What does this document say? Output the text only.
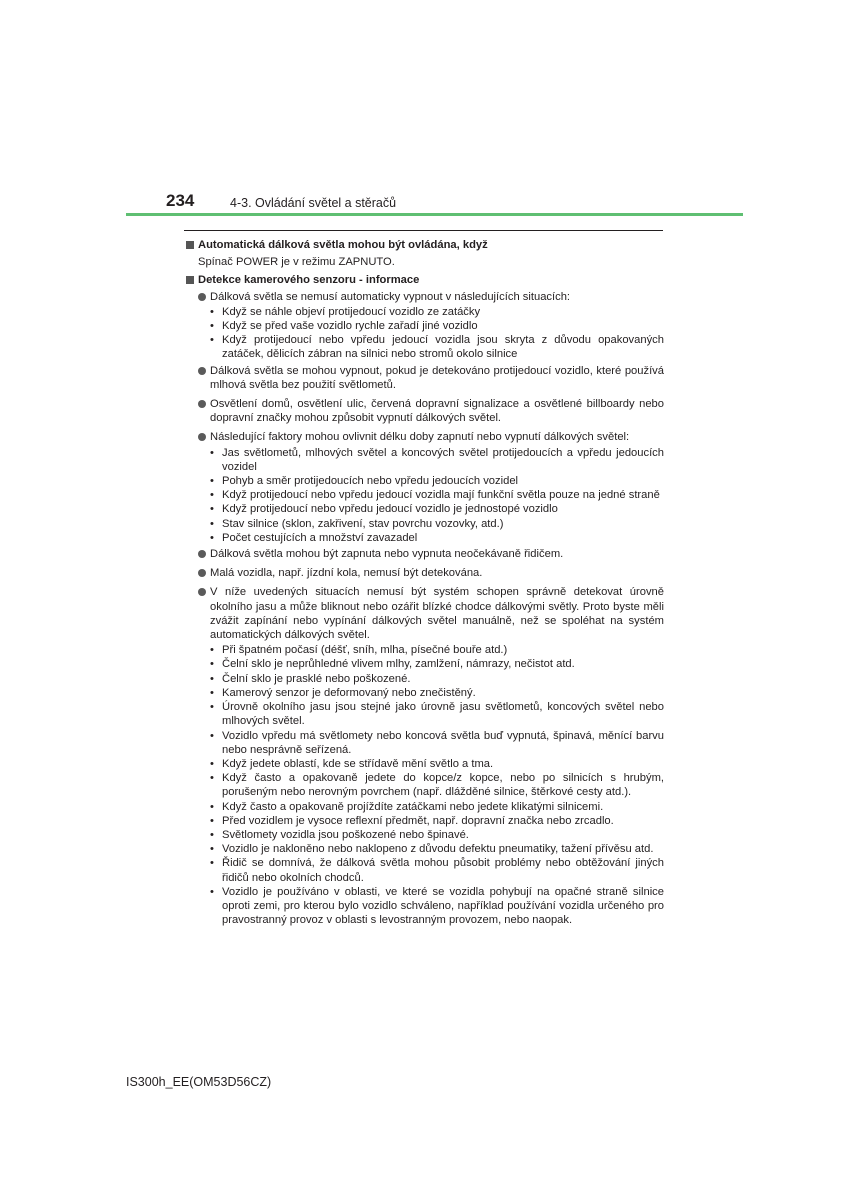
234	4-3. Ovládání světel a stěračů
Automatická dálková světla mohou být ovládána, když
Spínač POWER je v režimu ZAPNUTO.
Detekce kamerového senzoru - informace
Dálková světla se nemusí automaticky vypnout v následujících situacích:
• Když se náhle objeví protijedoucí vozidlo ze zatáčky
• Když se před vaše vozidlo rychle zařadí jiné vozidlo
• Když protijedoucí nebo vpředu jedoucí vozidla jsou skryta z důvodu opakovaných zatáček, dělicích zábran na silnici nebo stromů okolo silnice
Dálková světla se mohou vypnout, pokud je detekováno protijedoucí vozidlo, které používá mlhová světla bez použití světlometů.
Osvětlení domů, osvětlení ulic, červená dopravní signalizace a osvětlené billboardy nebo dopravní značky mohou způsobit vypnutí dálkových světel.
Následující faktory mohou ovlivnit délku doby zapnutí nebo vypnutí dálkových světel:
• Jas světlometů, mlhových světel a koncových světel protijedoucích a vpředu jedoucích vozidel
• Pohyb a směr protijedoucích nebo vpředu jedoucích vozidel
• Když protijedoucí nebo vpředu jedoucí vozidla mají funkční světla pouze na jedné straně
• Když protijedoucí nebo vpředu jedoucí vozidlo je jednostopé vozidlo
• Stav silnice (sklon, zakřivení, stav povrchu vozovky, atd.)
• Počet cestujících a množství zavazadel
Dálková světla mohou být zapnuta nebo vypnuta neočekávaně řidičem.
Malá vozidla, např. jízdní kola, nemusí být detekována.
V níže uvedených situacích nemusí být systém schopen správně detekovat úrovně okolního jasu a může bliknout nebo ozářit blízké chodce dálkovými světly. Proto byste měli zvážit zapínání nebo vypínání dálkových světel manuálně, než se spoléhat na systém automatických dálkových světel.
• Při špatném počasí (déšť, sníh, mlha, písečné bouře atd.)
• Čelní sklo je neprůhledné vlivem mlhy, zamlžení, námrazy, nečistot atd.
• Čelní sklo je prasklé nebo poškozené.
• Kamerový senzor je deformovaný nebo znečistěný.
• Úrovně okolního jasu jsou stejné jako úrovně jasu světlometů, koncových světel nebo mlhových světel.
• Vozidlo vpředu má světlomety nebo koncová světla buď vypnutá, špinavá, měnící barvu nebo nesprávně seřízená.
• Když jedete oblastí, kde se střídavě mění světlo a tma.
• Když často a opakovaně jedete do kopce/z kopce, nebo po silnicích s hrubým, porušeným nebo nerovným povrchem (např. dlážděné silnice, štěrkové cesty atd.).
• Když často a opakovaně projíždíte zatáčkami nebo jedete klikatými silnicemi.
• Před vozidlem je vysoce reflexní předmět, např. dopravní značka nebo zrcadlo.
• Světlomety vozidla jsou poškozené nebo špinavé.
• Vozidlo je nakloněno nebo naklopeno z důvodu defektu pneumatiky, tažení přívěsu atd.
• Řidič se domnívá, že dálková světla mohou působit problémy nebo obtěžování jiných řidičů nebo okolních chodců.
• Vozidlo je používáno v oblasti, ve které se vozidla pohybují na opačné straně silnice oproti zemi, pro kterou bylo vozidlo schváleno, například používání vozidla určeného pro pravostranný provoz v oblasti s levostranným provozem, nebo naopak.
IS300h_EE(OM53D56CZ)
